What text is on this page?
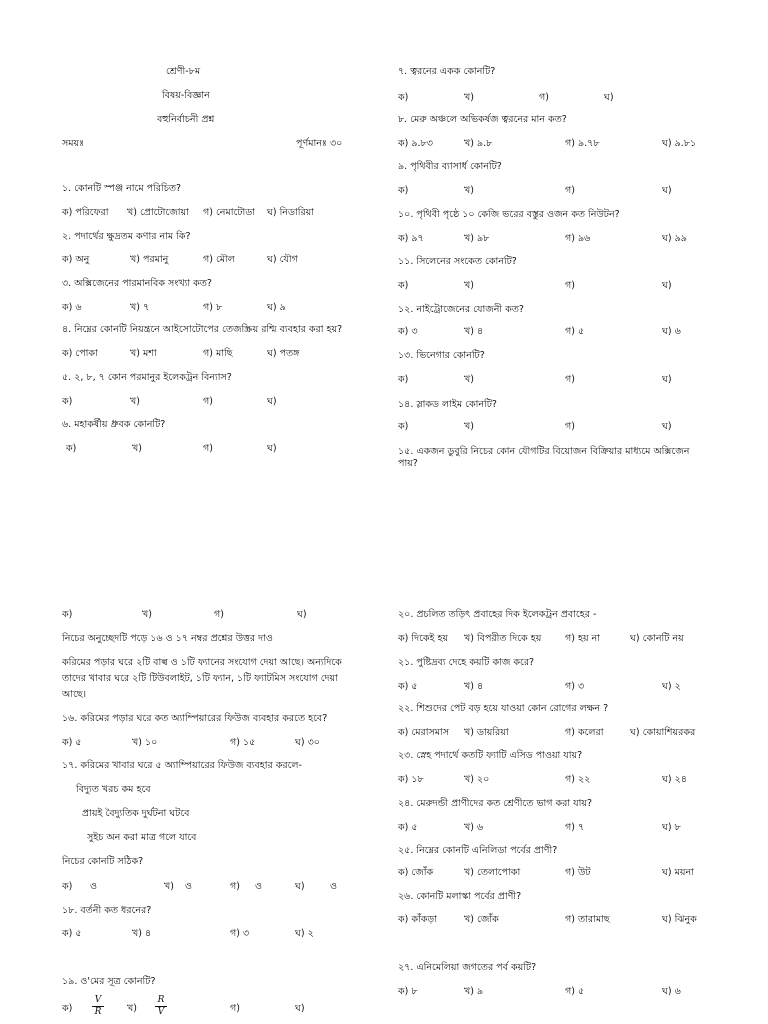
শ্রেণী-৮ম
বিষয়-বিজ্ঞান
বহুনির্বাচনী প্রশ্ন
সময়ঃ	পূর্ণমানঃ ৩০
১. কোনটি স্পঞ্জ নামে পরিচিত?
ক) পরিফেরা খ) প্রোটোজোয়া গ) নেমাটোডা ঘ) নিডারিয়া
২. পদার্থের ক্ষুদ্রতম কণার নাম কি?
ক) অনু	খ) পরমানু	গ) মৌল	ঘ) যৌগ
৩. অক্সিজেনের পারমানবিক সংখ্যা কত?
ক) ৬	খ) ৭	গ) ৮	ঘ) ৯
৪. নিম্নের কোনটি নিয়ন্ত্রনে আইসোটোপের তেজস্ক্রিয় রশ্মি ব্যবহার করা হয়?
ক) পোকা	খ) মশা	গ) মাছি	ঘ) পতঙ্গ
৫. ২, ৮, ৭ কোন পরমানুর ইলেকট্রন বিন্যাস?
ক)	খ)	গ)	ঘ)
৬. মহাকর্ষীয় ধ্রুবক কোনটি?
ক)	খ)	গ)	ঘ)
৭. ত্বরনের একক কোনটি?
ক)	খ)	গ)	ঘ)
৮. মেরু অঞ্চলে অভিকর্ষজ ত্বরনের মান কত?
ক) ৯.৮৩	খ) ৯.৮	গ) ৯.৭৮	ঘ) ৯.৮১
৯. পৃথিবীর ব্যাসার্ধ কোনটি?
ক)	খ)	গ)	ঘ)
১০. পৃথিবী পৃষ্ঠে ১০ কেজি ভরের বস্তুর ওজন কত নিউটন?
ক) ৯৭	খ) ৯৮	গ) ৯৬	ঘ) ৯৯
১১. সিলেনের সংকেত কোনটি?
ক)	খ)	গ)	ঘ)
১২. নাইট্রোজেনের যোজনী কত?
ক) ৩	খ) ৪	গ) ৫	ঘ) ৬
১৩. ভিনেগার কোনটি?
ক)	খ)	গ)	ঘ)
১৪. স্লাকড লাইম কোনটি?
ক)	খ)	গ)	ঘ)
১৫. একজন ডুবুরি নিচের কোন যৌগটির বিয়োজন বিক্রিয়ার মাধ্যমে অক্সিজেন পায়?
ক)	খ)	গ)	ঘ)
নিচের অনুচ্ছেদটি পড়ে ১৬ ও ১৭ নম্বর প্রশ্নের উত্তর দাও
করিমের পড়ার ঘরে ২টি বাল্ব ও ১টি ফ্যানের সংযোগ দেয়া আছে। অন্যদিকে
তাদের খাবার ঘরে ২টি টিউবলাইট, ১টি ফ্যান, ১টি ফ্যাটমিস সংযোগ দেয়া
আছে।
১৬. করিমের পড়ার ঘরে কত অ্যাম্পিয়ারের ফিউজ ব্যবহার করতে হবে?
ক) ৫	খ) ১০	গ) ১৫	ঘ) ৩০
১৭. করিমের খাবার ঘরে ৫ অ্যাম্পিয়ারের ফিউজ ব্যবহার করলে-
বিদ্যুত খরচ কম হবে
প্রায়ই বৈদ্যুতিক দুর্ঘটনা ঘটবে
সুইচ অন করা মাত্র গলে যাবে
নিচের কোনটি সঠিক?
ক) ও	খ) ও	গ) ও	ঘ)	ও
১৮. বর্তনী কত ধরনের?
ক) ৫	খ) ৪	গ) ৩	ঘ) ২
১৯. ও'মের সূত্র কোনটি?
ক)
V
R	খ)
R
V	গ)	ঘ)
২০. প্রচলিত তড়িৎ প্রবাহের দিক ইলেকট্রন প্রবাহের -
ক) দিকেই হয় খ) বিপরীত দিকে হয় গ) হয় না	ঘ) কোনটি নয়
২১. পুষ্টিদ্রব্য দেহে কয়টি কাজ করে?
ক) ৫	খ) ৪	গ) ৩	ঘ) ২
২২. শিশুদের পেট বড় হয়ে যাওয়া কোন রোগের লক্ষন ?
ক) মেরাসমাস খ) ডায়রিয়া	গ) কলেরা	ঘ) কোয়াশিয়রকর
২৩. স্নেহ পদার্থে কতটি ফ্যাটি এসিড পাওয়া যায়?
ক) ১৮	খ) ২০	গ) ২২	ঘ) ২৪
২৪. মেরুদন্ডী প্রাণীদের কত শ্রেণীতে ভাগ করা যায়?
ক) ৫	খ) ৬	গ) ৭	ঘ) ৮
২৫. নিম্নের কোনটি এনিলিডা পর্বের প্রাণী?
ক) জোঁক	খ) তেলাপোকা	গ) উট	ঘ) ময়না
২৬. কোনটি মলাস্কা পর্বের প্রাণী?
ক) কাঁকড়া	খ) জোঁক	গ) তারামাছ	ঘ) ঝিনুক
২৭. এনিমেলিয়া জগতের পর্ব কয়টি?
ক) ৮	খ) ৯	গ) ৫	ঘ) ৬
